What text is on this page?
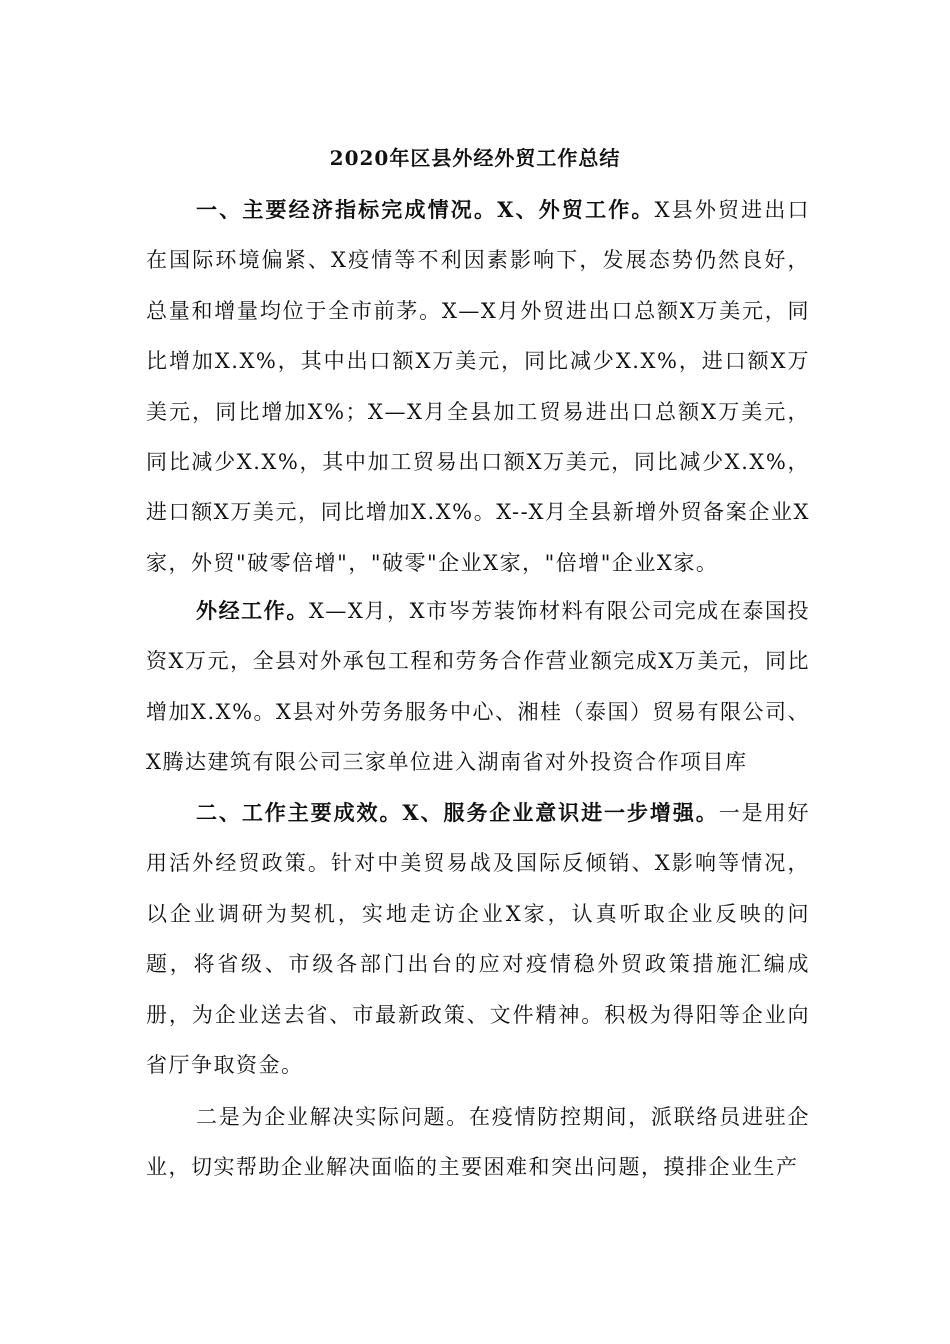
2020年区县外经外贸工作总结

一、主要经济指标完成情况。X、外贸工作。X县外贸进出口在国际环境偏紧、X疫情等不利因素影响下，发展态势仍然良好，总量和增量均位于全市前茅。X—X月外贸进出口总额X万美元，同比增加X.X%，其中出口额X万美元，同比减少X.X%，进口额X万美元，同比增加X%；X—X月全县加工贸易进出口总额X万美元，同比减少X.X%，其中加工贸易出口额X万美元，同比减少X.X%，进口额X万美元，同比增加X.X%。X--X月全县新增外贸备案企业X家，外贸"破零倍增"，"破零"企业X家，"倍增"企业X家。

外经工作。X—X月，X市岑芳装饰材料有限公司完成在泰国投资X万元，全县对外承包工程和劳务合作营业额完成X万美元，同比增加X.X%。X县对外劳务服务中心、湘桂（泰国）贸易有限公司、X腾达建筑有限公司三家单位进入湖南省对外投资合作项目库

二、工作主要成效。X、服务企业意识进一步增强。一是用好用活外经贸政策。针对中美贸易战及国际反倾销、X影响等情况，以企业调研为契机，实地走访企业X家，认真听取企业反映的问题，将省级、市级各部门出台的应对疫情稳外贸政策措施汇编成册，为企业送去省、市最新政策、文件精神。积极为得阳等企业向省厅争取资金。

二是为企业解决实际问题。在疫情防控期间，派联络员进驻企业，切实帮助企业解决面临的主要困难和突出问题，摸排企业生产
